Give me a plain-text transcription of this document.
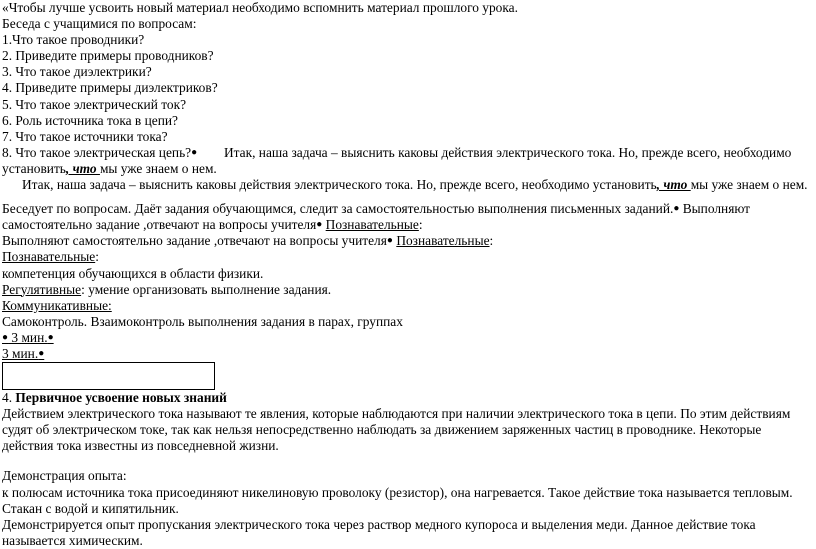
«Чтобы лучше усвоить новый материал необходимо вспомнить материал прошлого урока.
Беседа с учащимися по вопросам:
1.Что такое проводники?
2. Приведите примеры проводников?
3. Что такое диэлектрики?
4. Приведите примеры диэлектриков?
5. Что такое электрический ток?
6. Роль источника тока в цепи?
7. Что такое источники тока?
8. Что такое электрическая цепь?●        Итак, наша задача – выяснить каковы действия электрического тока. Но, прежде всего, необходимо
установить, что мы уже знаем о нем.
Итак, наша задача – выяснить каковы действия электрического тока. Но, прежде всего, необходимо установить, что мы уже знаем о нем.
Беседует по вопросам. Даёт задания обучающимся, следит за самостоятельностью выполнения письменных заданий.● Выполняют
самостоятельно задание ,отвечают на вопросы учителя● Познавательные:
Выполняют самостоятельно задание ,отвечают на вопросы учителя● Познавательные:
Познавательные:
компетенция обучающихся в области физики.
Регулятивные: умение организовать выполнение задания.
Коммуникативные:
Самоконтроль. Взаимоконтроль выполнения задания в парах, группах
● 3 мин.●
3 мин.●
4. Первичное усвоение новых знаний
Действием электрического тока называют те явления, которые наблюдаются при наличии электрического тока в цепи. По этим действиям
судят об электрическом токе, так как нельзя непосредственно наблюдать за движением заряженных частиц в проводнике. Некоторые
действия тока известны из повседневной жизни.
Демонстрация опыта:
к полюсам источника тока присоединяют никелиновую проволоку (резистор), она нагревается. Такое действие тока называется тепловым.
Стакан с водой и кипятильник.
Демонстрируется опыт пропускания электрического тока через раствор медного купороса и выделения меди. Данное действие тока
называется химическим.
